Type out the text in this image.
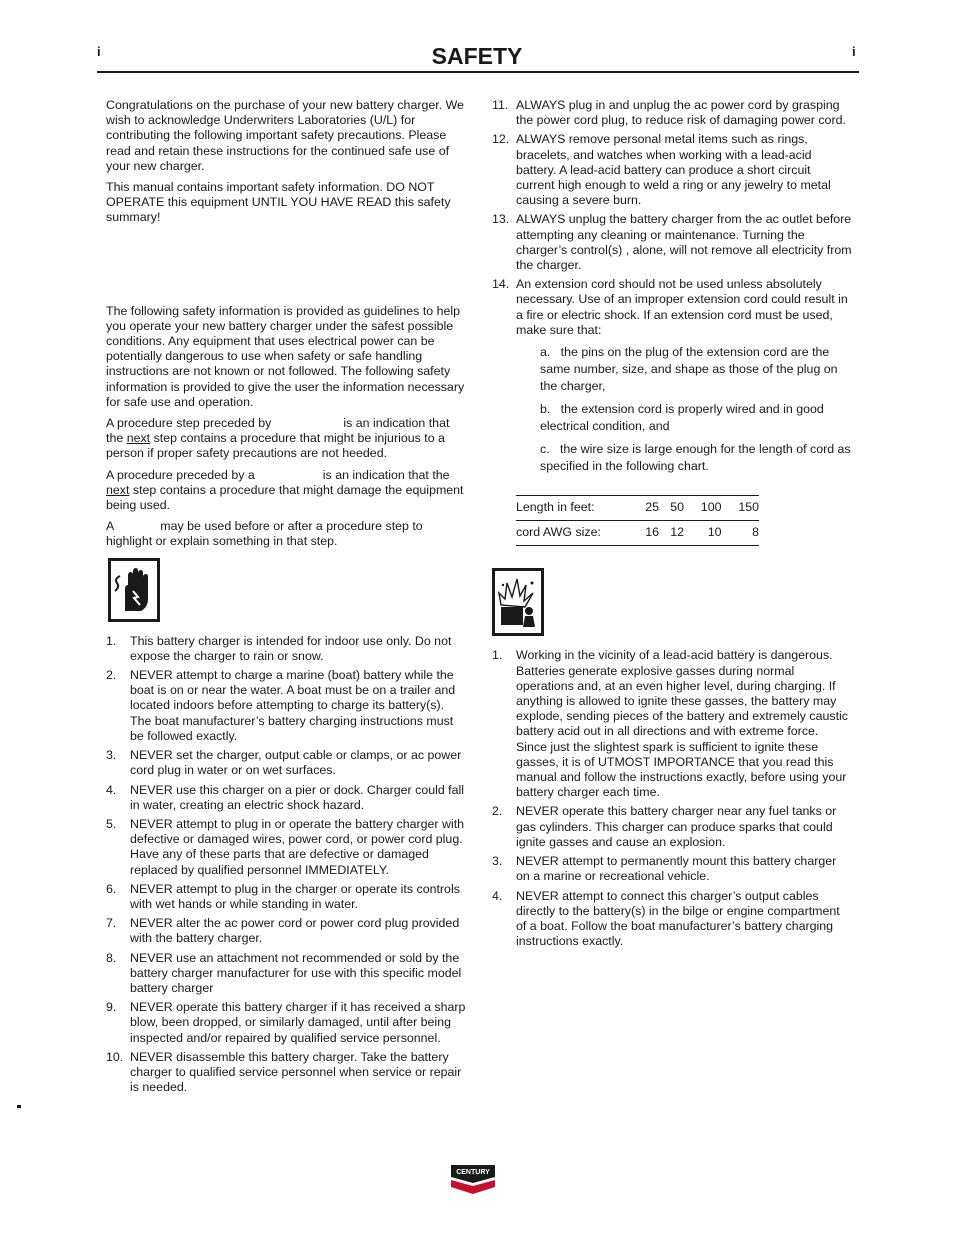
i	i
SAFETY

Congratulations on the purchase of your new battery charger. We wish to acknowledge Underwriters Laboratories (U/L) for contributing the following important safety precautions. Please read and retain these instructions for the continued safe use of your new charger.

This manual contains important safety information. DO NOT OPERATE this equipment UNTIL YOU HAVE READ this safety summary!

The following safety information is provided as guidelines to help you operate your new battery charger under the safest possible conditions. Any equipment that uses electrical power can be potentially dangerous to use when safety or safe handling instructions are not known or not followed. The following safety information is provided to give the user the information necessary for safe use and operation.

A procedure step preceded by	is an indication that the next step contains a procedure that might be injurious to a person if proper safety precautions are not heeded.

A procedure preceded by a	is an indication that the next step contains a procedure that might damage the equipment being used.

A	may be used before or after a procedure step to highlight or explain something in that step.

1. This battery charger is intended for indoor use only. Do not expose the charger to rain or snow.
2. NEVER attempt to charge a marine (boat) battery while the boat is on or near the water. A boat must be on a trailer and located indoors before attempting to charge its battery(s). The boat manufacturer’s battery charging instructions must be followed exactly.
3. NEVER set the charger, output cable or clamps, or ac power cord plug in water or on wet surfaces.
4. NEVER use this charger on a pier or dock. Charger could fall in water, creating an electric shock hazard.
5. NEVER attempt to plug in or operate the battery charger with defective or damaged wires, power cord, or power cord plug. Have any of these parts that are defective or damaged replaced by qualified personnel IMMEDIATELY.
6. NEVER attempt to plug in the charger or operate its controls with wet hands or while standing in water.
7. NEVER alter the ac power cord or power cord plug provided with the battery charger.
8. NEVER use an attachment not recommended or sold by the battery charger manufacturer for use with this specific model battery charger
9. NEVER operate this battery charger if it has received a sharp blow, been dropped, or similarly damaged, until after being inspected and/or repaired by qualified service personnel.
10. NEVER disassemble this battery charger. Take the battery charger to qualified service personnel when service or repair is needed.
11. ALWAYS plug in and unplug the ac power cord by grasping the power cord plug, to reduce risk of damaging power cord.
12. ALWAYS remove personal metal items such as rings, bracelets, and watches when working with a lead-acid battery. A lead-acid battery can produce a short circuit current high enough to weld a ring or any jewelry to metal causing a severe burn.
13. ALWAYS unplug the battery charger from the ac outlet before attempting any cleaning or maintenance. Turning the charger’s control(s) , alone, will not remove all electricity from the charger.
14. An extension cord should not be used unless absolutely necessary. Use of an improper extension cord could result in a fire or electric shock. If an extension cord must be used, make sure that:
a. the pins on the plug of the extension cord are the same number, size, and shape as those of the plug on the charger,
b. the extension cord is properly wired and in good electrical condition, and
c. the wire size is large enough for the length of cord as specified in the following chart.
Length in feet:	25	50	100	150
cord AWG size:	16	12	10	8
1. Working in the vicinity of a lead-acid battery is dangerous. Batteries generate explosive gasses during normal operations and, at an even higher level, during charging. If anything is allowed to ignite these gasses, the battery may explode, sending pieces of the battery and extremely caustic battery acid out in all directions and with extreme force. Since just the slightest spark is sufficient to ignite these gasses, it is of UTMOST IMPORTANCE that you read this manual and follow the instructions exactly, before using your battery charger each time.
2. NEVER operate this battery charger near any fuel tanks or gas cylinders. This charger can produce sparks that could ignite gasses and cause an explosion.
3. NEVER attempt to permanently mount this battery charger on a marine or recreational vehicle.
4. NEVER attempt to connect this charger’s output cables directly to the battery(s) in the bilge or engine compartment of a boat. Follow the boat manufacturer’s battery charging instructions exactly.
CENTURY
